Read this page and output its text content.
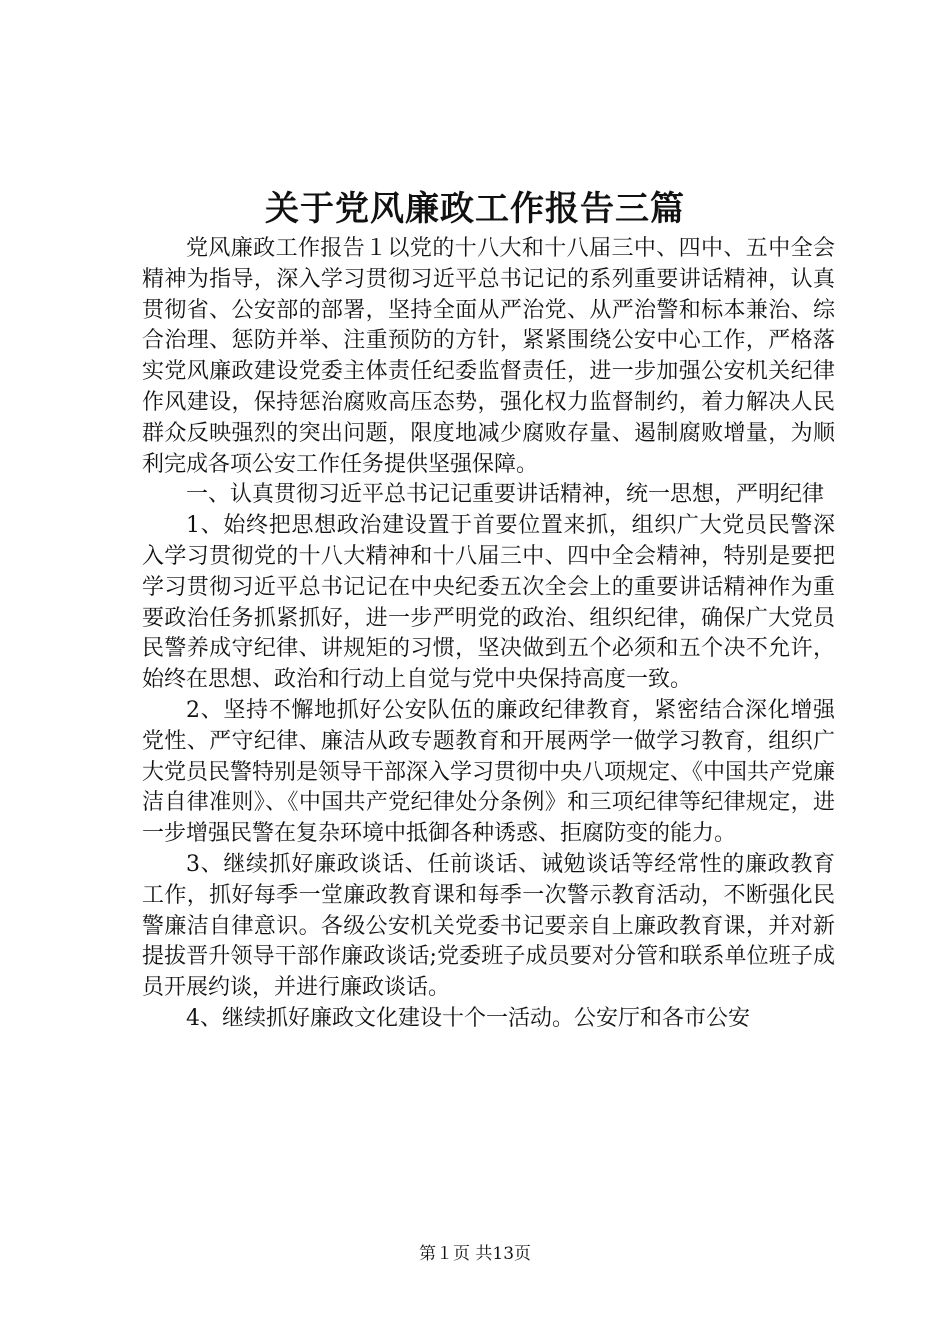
关于党风廉政工作报告三篇

党风廉政工作报告１以党的十八大和十八届三中、四中、五中全会精神为指导，深入学习贯彻习近平总书记记的系列重要讲话精神，认真贯彻省、公安部的部署，坚持全面从严治党、从严治警和标本兼治、综合治理、惩防并举、注重预防的方针，紧紧围绕公安中心工作，严格落实党风廉政建设党委主体责任纪委监督责任，进一步加强公安机关纪律作风建设，保持惩治腐败高压态势，强化权力监督制约，着力解决人民群众反映强烈的突出问题，限度地减少腐败存量、遏制腐败增量，为顺利完成各项公安工作任务提供坚强保障。

一、认真贯彻习近平总书记记重要讲话精神，统一思想，严明纪律

1、始终把思想政治建设置于首要位置来抓，组织广大党员民警深入学习贯彻党的十八大精神和十八届三中、四中全会精神，特别是要把学习贯彻习近平总书记记在中央纪委五次全会上的重要讲话精神作为重要政治任务抓紧抓好，进一步严明党的政治、组织纪律，确保广大党员民警养成守纪律、讲规矩的习惯，坚决做到五个必须和五个决不允许，始终在思想、政治和行动上自觉与党中央保持高度一致。

2、坚持不懈地抓好公安队伍的廉政纪律教育，紧密结合深化增强党性、严守纪律、廉洁从政专题教育和开展两学一做学习教育，组织广大党员民警特别是领导干部深入学习贯彻中央八项规定、《中国共产党廉洁自律准则》、《中国共产党纪律处分条例》和三项纪律等纪律规定，进一步增强民警在复杂环境中抵御各种诱惑、拒腐防变的能力。

3、继续抓好廉政谈话、任前谈话、诫勉谈话等经常性的廉政教育工作，抓好每季一堂廉政教育课和每季一次警示教育活动，不断强化民警廉洁自律意识。各级公安机关党委书记要亲自上廉政教育课，并对新提拔晋升领导干部作廉政谈话;党委班子成员要对分管和联系单位班子成员开展约谈，并进行廉政谈话。

4、继续抓好廉政文化建设十个一活动。公安厅和各市公安

第１页 共13页
